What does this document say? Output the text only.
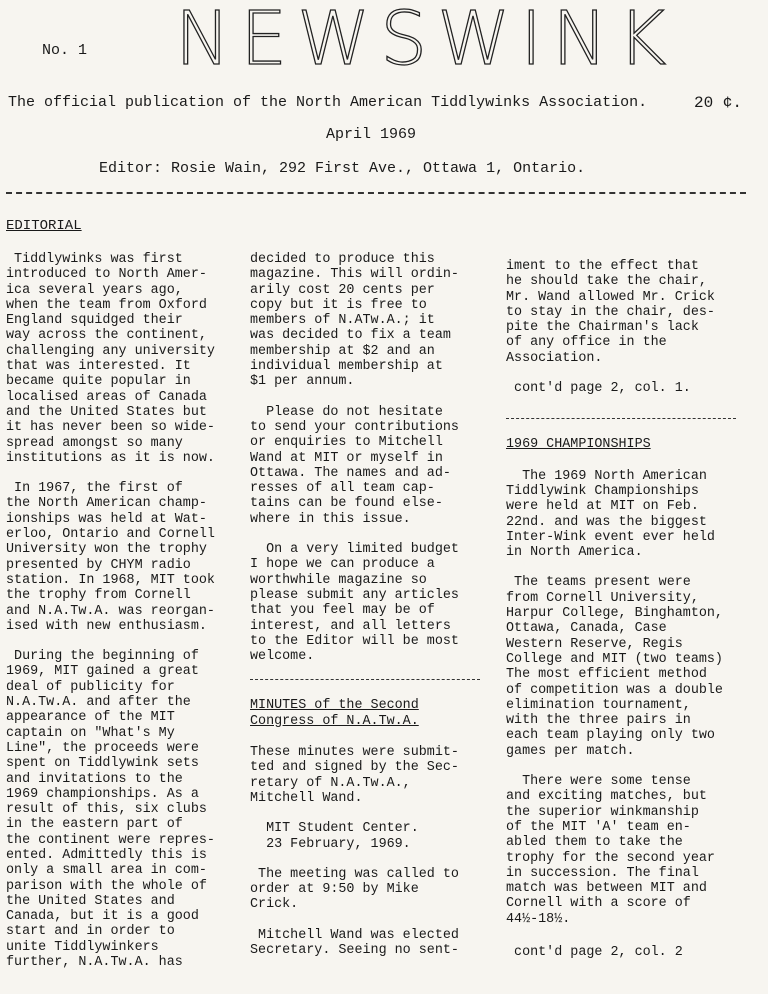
No. 1 NEWSWINK
The official publication of the North American Tiddlywinks Association.	20 ¢.
April 1969
Editor: Rosie Wain, 292 First Ave., Ottawa 1, Ontario.
EDITORIAL

Tiddlywinks was first
introduced to North Amer-
ica several years ago,
when the team from Oxford
England squidged their
way across the continent,
challenging any university
that was interested. It
became quite popular in
localised areas of Canada
and the United States but
it has never been so wide-
spread amongst so many
institutions as it is now.

In 1967, the first of
the North American champ-
ionships was held at Wat-
erloo, Ontario and Cornell
University won the trophy
presented by CHYM radio
station. In 1968, MIT took
the trophy from Cornell
and N.A.Tw.A. was reorgan-
ised with new enthusiasm.

During the beginning of
1969, MIT gained a great
deal of publicity for
N.A.Tw.A. and after the
appearance of the MIT
captain on "What's My
Line", the proceeds were
spent on Tiddlywink sets
and invitations to the
1969 championships. As a
result of this, six clubs
in the eastern part of
the continent were repres-
ented. Admittedly this is
only a small area in com-
parison with the whole of
the United States and
Canada, but it is a good
start and in order to
unite Tiddlywinkers
further, N.A.Tw.A. has

decided to produce this
magazine. This will ordin-
arily cost 20 cents per
copy but it is free to
members of N.ATw.A.; it
was decided to fix a team
membership at $2 and an
individual membership at
$1 per annum.

Please do not hesitate
to send your contributions
or enquiries to Mitchell
Wand at MIT or myself in
Ottawa. The names and ad-
resses of all team cap-
tains can be found else-
where in this issue.

On a very limited budget
I hope we can produce a
worthwhile magazine so
please submit any articles
that you feel may be of
interest, and all letters
to the Editor will be most
welcome.

MINUTES of the Second
Congress of N.A.Tw.A.

These minutes were submit-
ted and signed by the Sec-
retary of N.A.Tw.A.,
Mitchell Wand.

MIT Student Center.
23 February, 1969.

The meeting was called to
order at 9:50 by Mike
Crick.

Mitchell Wand was elected
Secretary. Seeing no sent-

iment to the effect that
he should take the chair,
Mr. Wand allowed Mr. Crick
to stay in the chair, des-
pite the Chairman's lack
of any office in the
Association.

cont'd page 2, col. 1.
1969 CHAMPIONSHIPS

The 1969 North American
Tiddlywink Championships
were held at MIT on Feb.
22nd. and was the biggest
Inter-Wink event ever held
in North America.

The teams present were
from Cornell University,
Harpur College, Binghamton,
Ottawa, Canada, Case
Western Reserve, Regis
College and MIT (two teams)
The most efficient method
of competition was a double
elimination tournament,
with the three pairs in
each team playing only two
games per match.

There were some tense
and exciting matches, but
the superior winkmanship
of the MIT 'A' team en-
abled them to take the
trophy for the second year
in succession. The final
match was between MIT and
Cornell with a score of
44½-18½.

cont'd page 2, col. 2
